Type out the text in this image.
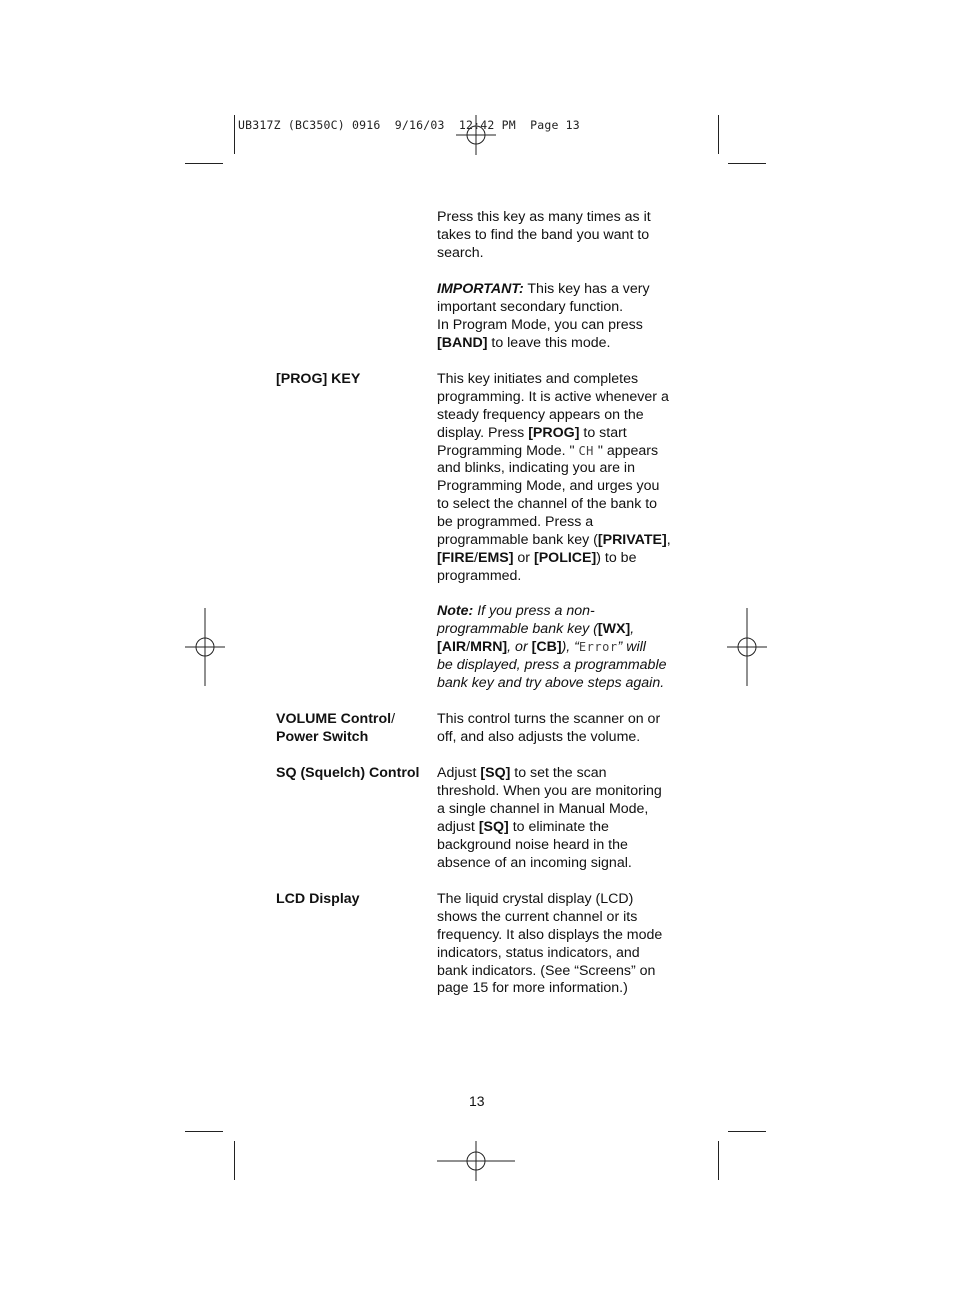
UB317Z (BC350C) 0916  9/16/03  12:42 PM  Page 13
Press this key as many times as it
takes to find the band you want to
search.
IMPORTANT: This key has a very
important secondary function.
In Program Mode, you can press
[BAND] to leave this mode.
[PROG] KEY	This key initiates and completes
programming. It is active whenever a
steady frequency appears on the
display. Press [PROG] to start
Programming Mode. " CH " appears
and blinks, indicating you are in
Programming Mode, and urges you
to select the channel of the bank to
be programmed. Press a
programmable bank key ([PRIVATE],
[FIRE/EMS] or [POLICE]) to be
programmed.
Note: If you press a non-
programmable bank key ([WX],
[AIR/MRN], or [CB]), “Error” will
be displayed, press a programmable
bank key and try above steps again.
VOLUME Control/
Power Switch
This control turns the scanner on or
off, and also adjusts the volume.
SQ (Squelch) Control Adjust [SQ] to set the scan
threshold. When you are monitoring
a single channel in Manual Mode,
adjust [SQ] to eliminate the
background noise heard in the
absence of an incoming signal.
LCD Display	The liquid crystal display (LCD)
shows the current channel or its
frequency. It also displays the mode
indicators, status indicators, and
bank indicators. (See “Screens” on
page 15 for more information.)
13
